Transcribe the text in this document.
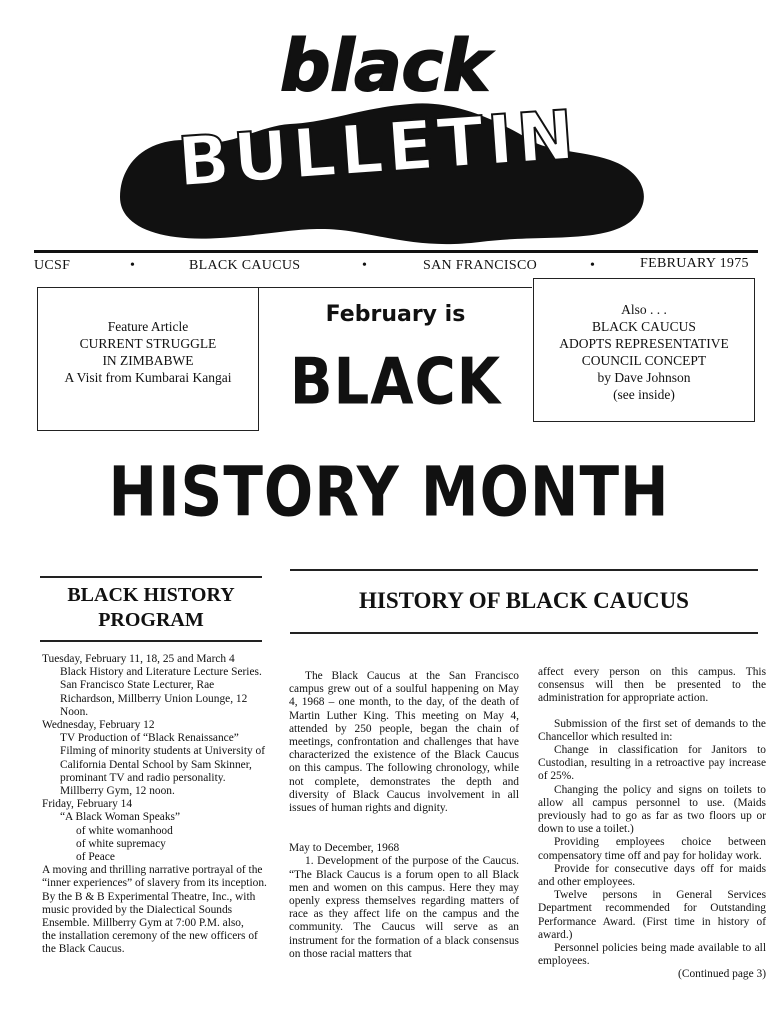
black
BULLETIN
UCSF	•	BLACK CAUCUS	•	SAN FRANCISCO	•	FEBRUARY 1975
Feature Article
CURRENT STRUGGLE
IN ZIMBABWE
A Visit from Kumbarai Kangai
February is
BLACK
Also . . .
BLACK CAUCUS
ADOPTS REPRESENTATIVE
COUNCIL CONCEPT
by Dave Johnson
(see inside)
HISTORY MONTH
BLACK HISTORY
PROGRAM
HISTORY OF BLACK CAUCUS

Tuesday, February 11, 18, 25 and March 4

Black History and Literature Lecture Series. San Francisco State Lecturer, Rae Richardson, Millberry Union Lounge, 12 Noon.

Wednesday, February 12

TV Production of “Black Renaissance” Filming of minority students at University of California Dental School by Sam Skinner, prominant TV and radio personality. Millberry Gym, 12 noon.

Friday, February 14

“A Black Woman Speaks”

of white womanhood

of white supremacy

of Peace

A moving and thrilling narrative portrayal of the “inner experiences” of slavery from its inception. By the B & B Experimental Theatre, Inc., with music provided by the Dialectical Sounds Ensemble. Millberry Gym at 7:00 P.M. also,

the installation ceremony of the new officers of the Black Caucus.

The Black Caucus at the San Francisco campus grew out of a soulful happening on May 4, 1968 – one month, to the day, of the death of Martin Luther King. This meeting on May 4, attended by 250 people, began the chain of meetings, confrontation and challenges that have characterized the existence of the Black Caucus on this campus. The following chronology, while not complete, demonstrates the depth and diversity of Black Caucus involvement in all issues of human rights and dignity.

May to December, 1968

1. Development of the purpose of the Caucus. “The Black Caucus is a forum open to all Black men and women on this campus. Here they may openly express themselves regarding matters of race as they affect life on the campus and the community. The Caucus will serve as an instrument for the formation of a black consensus on those racial matters that

affect every person on this campus. This consensus will then be presented to the administration for appropriate action.

Submission of the first set of demands to the Chancellor which resulted in:

Change in classification for Janitors to Custodian, resulting in a retroactive pay increase of 25%.

Changing the policy and signs on toilets to allow all campus personnel to use. (Maids previously had to go as far as two floors up or down to use a toilet.)

Providing employees choice between compensatory time off and pay for holiday work.

Provide for consecutive days off for maids and other employees.

Twelve persons in General Services Department recommended for Outstanding Performance Award. (First time in history of award.)

Personnel policies being made available to all employees.

(Continued page 3)
